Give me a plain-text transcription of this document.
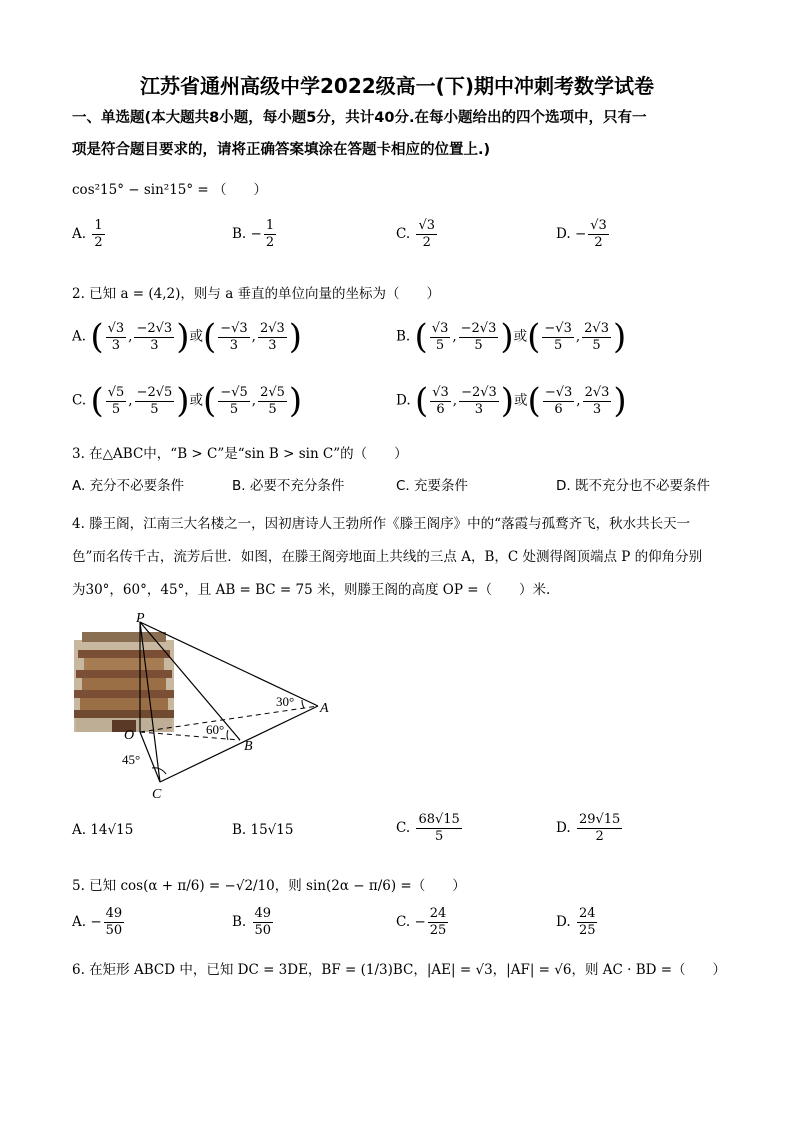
江苏省通州高级中学2022级高一(下)期中冲刺考数学试卷
一、单选题(本大题共8小题，每小题5分，共计40分.在每小题给出的四个选项中，只有一
项是符合题目要求的，请将正确答案填涂在答题卡相应的位置上.)
cos²15° − sin²15° = （　　）
A. $\frac{1}{2}$	B. − $\frac{1}{2}$	C. $\frac{√3}{2}$	D. − $\frac{√3}{2}$
2. 已知 a = (4,2)，则与 a 垂直的单位向量的坐标为（　　）
A. ( $\frac{√3}{3}$ , $\frac{-2√3}{3}$ )或( $\frac{-√3}{3}$ , $\frac{2√3}{3}$ )	B. ( $\frac{√3}{5}$ , $\frac{-2√3}{5}$ )或( $\frac{-√3}{5}$ , $\frac{2√3}{5}$ )
C. ( $\frac{√5}{5}$ , $\frac{-2√5}{5}$ )或( $\frac{-√5}{5}$ , $\frac{2√5}{5}$ )	D. ( $\frac{√3}{6}$ , $\frac{-2√3}{3}$ )或( $\frac{-√3}{6}$ , $\frac{2√3}{3}$ )
3. 在△ABC中，“B > C”是“sin B > sin C”的（　　）
A. 充分不必要条件	B. 必要不充分条件	C. 充要条件	D. 既不充分也不必要条件
4. 滕王阁，江南三大名楼之一，因初唐诗人王勃所作《滕王阁序》中的“落霞与孤鹜齐飞，秋水共长天一
色”而名传千古，流芳后世．如图，在滕王阁旁地面上共线的三点 A，B，C 处测得阁顶端点 P 的仰角分别
为30°，60°，45°，且 AB = BC = 75 米，则滕王阁的高度 OP =（　　）米.
P
O
A
B
C
30°
60°
45°
A. 14√15	B. 15√15	C. $\frac{68√15}{5}$	D. $\frac{29√15}{2}$
5. 已知 cos(α + π/6) = −√2/10，则 sin(2α − π/6) =（　　）
A. − $\frac{49}{50}$	B. $\frac{49}{50}$	C. − $\frac{24}{25}$	D. $\frac{24}{25}$
6. 在矩形 ABCD 中，已知 DC = 3DE，BF = (1/3)BC，|AE| = √3，|AF| = √6，则 AC · BD =（　　）
